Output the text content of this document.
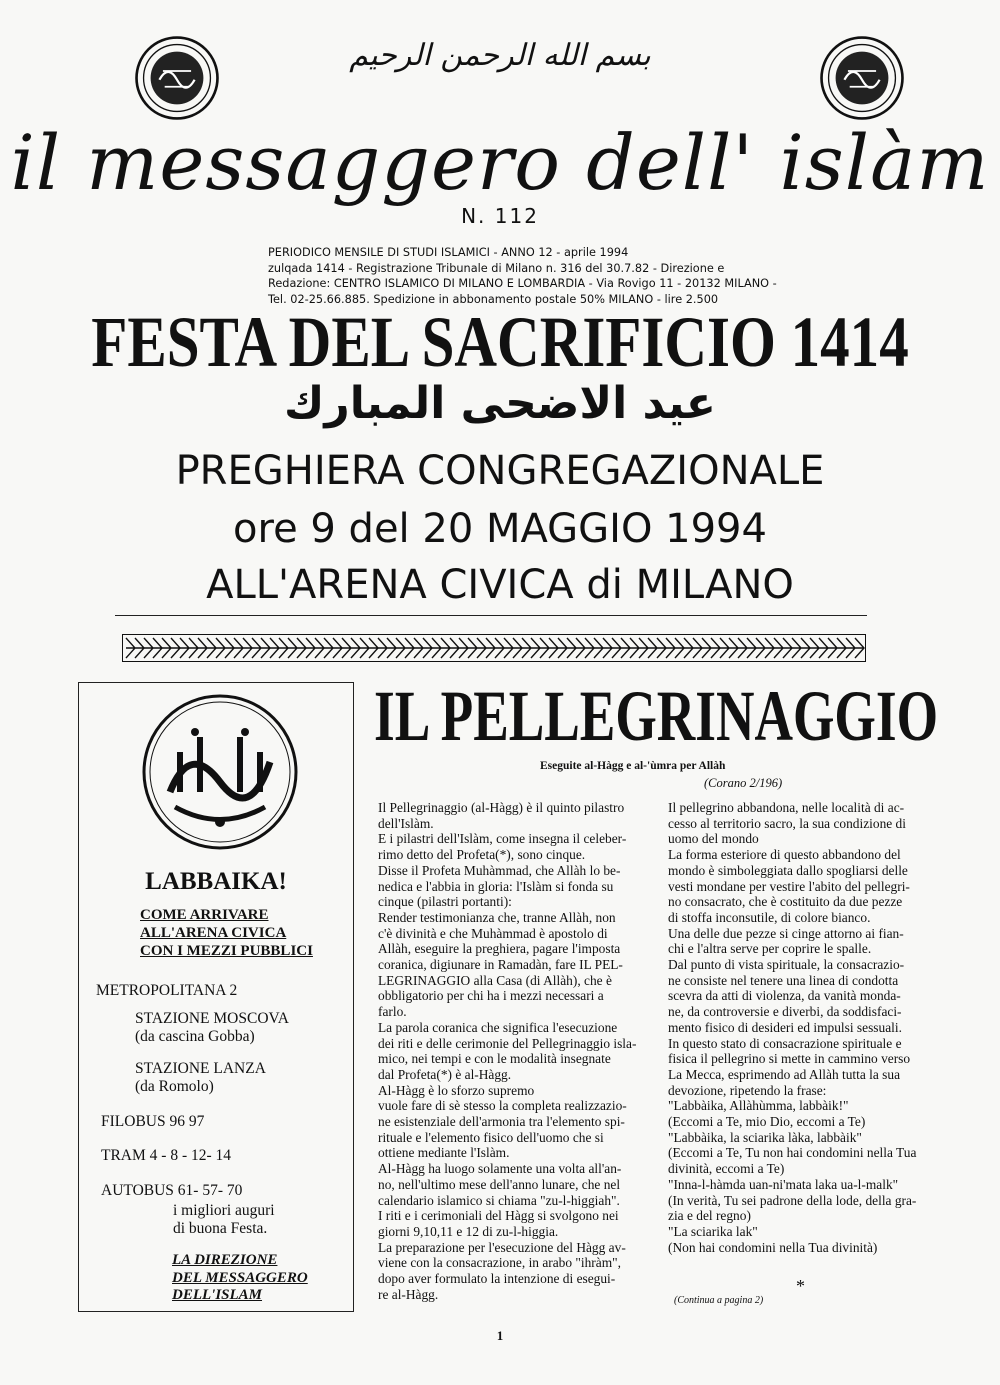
بسم الله الرحمن الرحيم
il messaggero dell' islàm
N. 112
PERIODICO MENSILE DI STUDI ISLAMICI - ANNO 12 - aprile 1994
zulqada 1414 - Registrazione Tribunale di Milano n. 316 del 30.7.82 - Direzione e
Redazione: CENTRO ISLAMICO DI MILANO E LOMBARDIA - Via Rovigo 11 - 20132 MILANO -
Tel. 02-25.66.885. Spedizione in abbonamento postale 50% MILANO - lire 2.500
FESTA DEL SACRIFICIO 1414
عيد الاضحى المبارك
PREGHIERA CONGREGAZIONALE
ore 9 del 20 MAGGIO 1994
ALL'ARENA CIVICA di MILANO
LABBAIKA!
COME ARRIVARE
ALL'ARENA CIVICA
CON I MEZZI PUBBLICI
METROPOLITANA 2
STAZIONE MOSCOVA
(da cascina Gobba)
STAZIONE LANZA
(da Romolo)
FILOBUS 96 97
TRAM 4 - 8 - 12- 14
AUTOBUS 61- 57- 70
i migliori auguri
di buona Festa.
LA DIREZIONE
DEL MESSAGGERO
DELL'ISLAM
IL PELLEGRINAGGIO
Eseguite al-Hàgg e al-'ùmra per Allàh
(Corano 2/196)
Il Pellegrinaggio (al-Hàgg) è il quinto pilastro
dell'Islàm.
E i pilastri dell'Islàm, come insegna il celeber-
rimo detto del Profeta(*), sono cinque.
Disse il Profeta Muhàmmad, che Allàh lo be-
nedica e l'abbia in gloria: l'Islàm si fonda su
cinque (pilastri portanti):
Render testimonianza che, tranne Allàh, non
c'è divinità e che Muhàmmad è apostolo di
Allàh, eseguire la preghiera, pagare l'imposta
coranica, digiunare in Ramadàn, fare IL PEL-
LEGRINAGGIO alla Casa (di Allàh), che è
obbligatorio per chi ha i mezzi necessari a
farlo.
La parola coranica che significa l'esecuzione
dei riti e delle cerimonie del Pellegrinaggio isla-
mico, nei tempi e con le modalità insegnate
dal Profeta(*) è al-Hàgg.
Al-Hàgg è lo sforzo supremo
vuole fare di sè stesso la completa realizzazio-
ne esistenziale dell'armonia tra l'elemento spi-
rituale e l'elemento fisico dell'uomo che si
ottiene mediante l'Islàm.
Al-Hàgg ha luogo solamente una volta all'an-
no, nell'ultimo mese dell'anno lunare, che nel
calendario islamico si chiama "zu-l-higgiah".
I riti e i cerimoniali del Hàgg si svolgono nei
giorni 9,10,11 e 12 di zu-l-higgia.
La preparazione per l'esecuzione del Hàgg av-
viene con la consacrazione, in arabo "ihràm",
dopo aver formulato la intenzione di esegui-
re al-Hàgg.
Il pellegrino abbandona, nelle località di ac-
cesso al territorio sacro, la sua condizione di
uomo del mondo
La forma esteriore di questo abbandono del
mondo è simboleggiata dallo spogliarsi delle
vesti mondane per vestire l'abito del pellegri-
no consacrato, che è costituito da due pezze
di stoffa inconsutile, di colore bianco.
Una delle due pezze si cinge attorno ai fian-
chi e l'altra serve per coprire le spalle.
Dal punto di vista spirituale, la consacrazio-
ne consiste nel tenere una linea di condotta
scevra da atti di violenza, da vanità monda-
ne, da controversie e diverbi, da soddisfaci-
mento fisico di desideri ed impulsi sessuali.
In questo stato di consacrazione spirituale e
fisica il pellegrino si mette in cammino verso
La Mecca, esprimendo ad Allàh tutta la sua
devozione, ripetendo la frase:
"Labbàika, Allàhùmma, labbàik!"
(Eccomi a Te, mio Dio, eccomi a Te)
"Labbàika, la sciarika làka, labbàik"
(Eccomi a Te, Tu non hai condomini nella Tua
divinità, eccomi a Te)
"Inna-l-hàmda uan-ni'mata laka ua-l-malk"
(In verità, Tu sei padrone della lode, della gra-
zia e del regno)
"La sciarika lak"
(Non hai condomini nella Tua divinità)
*
(Continua a pagina 2)
1
